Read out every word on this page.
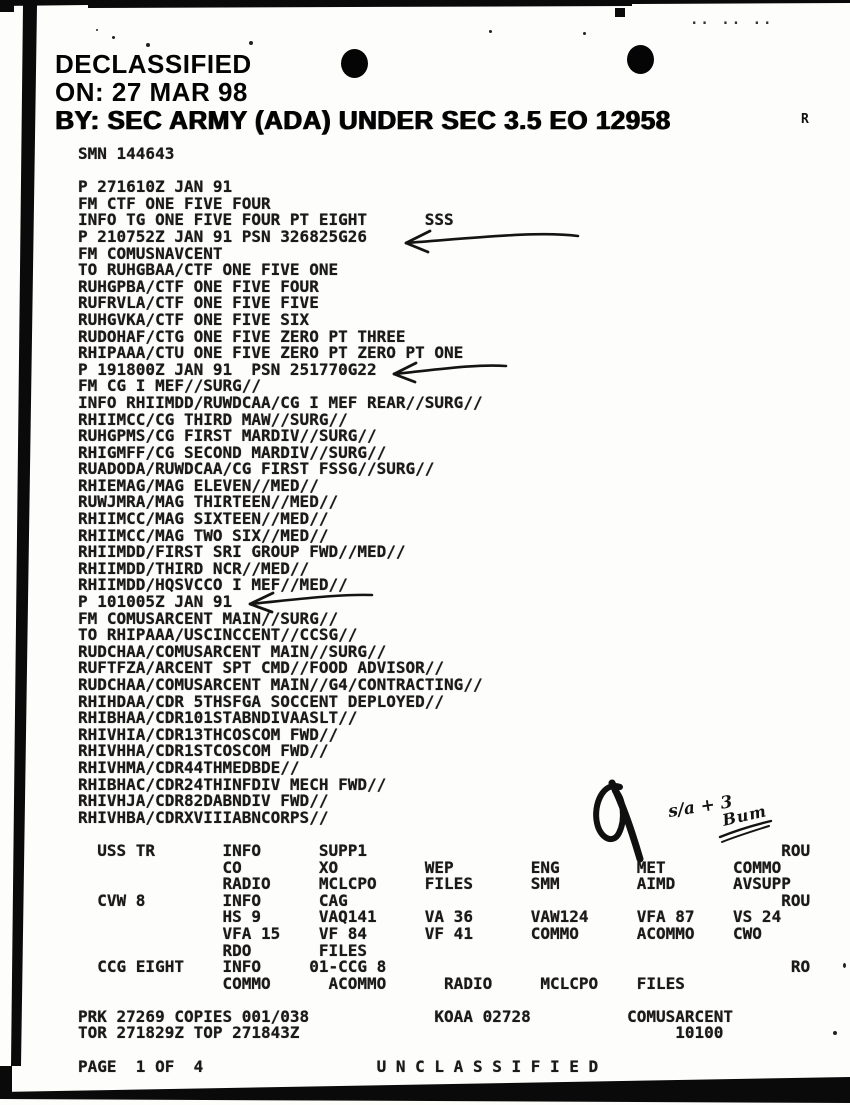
.. .. ..
DECLASSIFIED
ON: 27 MAR 98
BY: SEC ARMY (ADA) UNDER SEC 3.5 EO 12958	R
SMN 144643

P 271610Z JAN 91
FM CTF ONE FIVE FOUR
INFO TG ONE FIVE FOUR PT EIGHT      SSS
P 210752Z JAN 91 PSN 326825G26
FM COMUSNAVCENT
TO RUHGBAA/CTF ONE FIVE ONE
RUHGPBA/CTF ONE FIVE FOUR
RUFRVLA/CTF ONE FIVE FIVE
RUHGVKA/CTF ONE FIVE SIX
RUDOHAF/CTG ONE FIVE ZERO PT THREE
RHIPAAA/CTU ONE FIVE ZERO PT ZERO PT ONE
P 191800Z JAN 91  PSN 251770G22
FM CG I MEF//SURG//
INFO RHIIMDD/RUWDCAA/CG I MEF REAR//SURG//
RHIIMCC/CG THIRD MAW//SURG//
RUHGPMS/CG FIRST MARDIV//SURG//
RHIGMFF/CG SECOND MARDIV//SURG//
RUADODA/RUWDCAA/CG FIRST FSSG//SURG//
RHIEMAG/MAG ELEVEN//MED//
RUWJMRA/MAG THIRTEEN//MED//
RHIIMCC/MAG SIXTEEN//MED//
RHIIMCC/MAG TWO SIX//MED//
RHIIMDD/FIRST SRI GROUP FWD//MED//
RHIIMDD/THIRD NCR//MED//
RHIIMDD/HQSVCCO I MEF//MED//
P 101005Z JAN 91
FM COMUSARCENT MAIN//SURG//
TO RHIPAAA/USCINCCENT//CCSG//
RUDCHAA/COMUSARCENT MAIN//SURG//
RUFTFZA/ARCENT SPT CMD//FOOD ADVISOR//
RUDCHAA/COMUSARCENT MAIN//G4/CONTRACTING//
RHIHDAA/CDR 5THSFGA SOCCENT DEPLOYED//
RHIBHAA/CDR101STABNDIVAASLT//
RHIVHIA/CDR13THCOSCOM FWD//
RHIVHHA/CDR1STCOSCOM FWD//
RHIVHMA/CDR44THMEDBDE//
RHIBHAC/CDR24THINFDIV MECH FWD//
RHIVHJA/CDR82DABNDIV FWD//
RHIVHBA/CDRXVIIIABNCORPS//

USS TR       INFO      SUPP1                                           ROU
CO        XO         WEP        ENG        MET       COMMO
RADIO     MCLCPO     FILES      SMM        AIMD      AVSUPP
CVW 8        INFO      CAG                                             ROU
HS 9      VAQ141     VA 36      VAW124     VFA 87    VS 24
VFA 15    VF 84      VF 41      COMMO      ACOMMO    CWO
RDO       FILES
CCG EIGHT    INFO     01-CCG 8                                          RO
COMMO      ACOMMO      RADIO     MCLCPO    FILES

PRK 27269 COPIES 001/038             KOAA 02728          COMUSARCENT
TOR 271829Z TOP 271843Z                                       10100

PAGE  1 OF  4                  U N C L A S S I F I E D
s/a + 3
Bum
